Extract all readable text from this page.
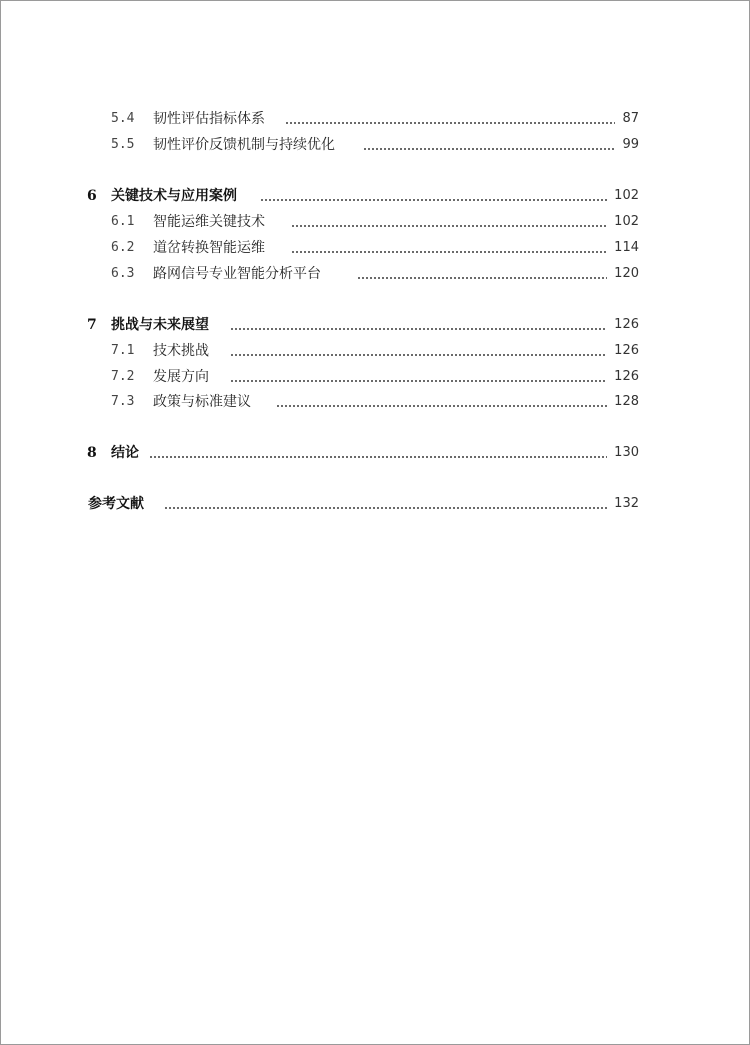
5.4 韧性评估指标体系	87
5.5 韧性评价反馈机制与持续优化	99
6 关键技术与应用案例	102
6.1 智能运维关键技术	102
6.2 道岔转换智能运维	114
6.3 路网信号专业智能分析平台	120
7 挑战与未来展望	126
7.1 技术挑战	126
7.2 发展方向	126
7.3 政策与标准建议	128
8 结论	130
参考文献	132
